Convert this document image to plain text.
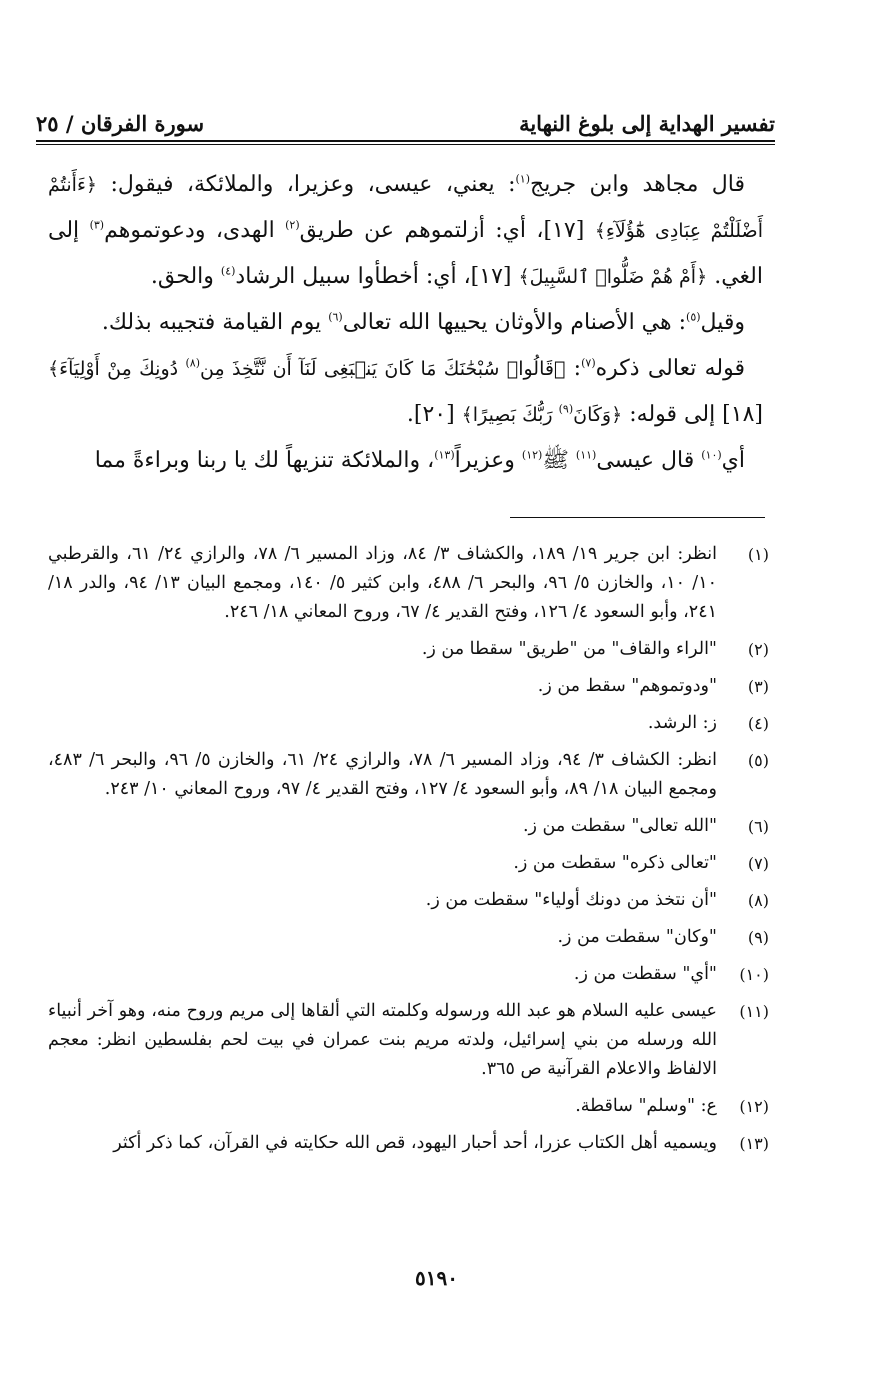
تفسير الهداية إلى بلوغ النهاية
سورة الفرقان / ٢٥

قال مجاهد وابن جريج$^{(١)}$: يعني، عيسى، وعزيرا، والملائكة، فيقول: ﴿ءَأَنتُمْ أَضْلَلْتُمْ عِبَادِى هَٰٓؤُلَآءِ﴾ [١٧]، أي: أزلتموهم عن طريق$^{(٢)}$ الهدى، ودعوتموهم$^{(٣)}$ إلى الغي. ﴿أَمْ هُمْ ضَلُّوا۟ ٱلسَّبِيلَ﴾ [١٧]، أي: أخطأوا سبيل الرشاد$^{(٤)}$ والحق.

وقيل$^{(٥)}$: هي الأصنام والأوثان يحييها الله تعالى$^{(٦)}$ يوم القيامة فتجيبه بذلك.

قوله تعالى ذكره$^{(٧)}$: ﴿قَالُوا۟ سُبْحَٰنَكَ مَا كَانَ يَنۢبَغِى لَنَآ أَن نَّتَّخِذَ مِن$^{(٨)}$ دُونِكَ مِنْ أَوْلِيَآءَ﴾ [١٨] إلى قوله: ﴿وَكَانَ$^{(٩)}$ رَبُّكَ بَصِيرًا﴾ [٢٠].

أي$^{(١٠)}$ قال عيسى$^{(١١)}$ ﷺ$^{(١٢)}$ وعزيراً$^{(١٣)}$، والملائكة تنزيهاً لك يا ربنا وبراءةً مما

(١)
انظر: ابن جرير ١٩/ ١٨٩، والكشاف ٣/ ٨٤، وزاد المسير ٦/ ٧٨، والرازي ٢٤/ ٦١، والقرطبي ١٠/ ١٠، والخازن ٥/ ٩٦، والبحر ٦/ ٤٨٨، وابن كثير ٥/ ١٤٠، ومجمع البيان ١٣/ ٩٤، والدر ١٨/ ٢٤١، وأبو السعود ٤/ ١٢٦، وفتح القدير ٤/ ٦٧، وروح المعاني ١٨/ ٢٤٦.
(٢)
"الراء والقاف" من "طريق" سقطا من ز.
(٣)
"ودوتموهم" سقط من ز.
(٤)
ز: الرشد.
(٥)
انظر: الكشاف ٣/ ٩٤، وزاد المسير ٦/ ٧٨، والرازي ٢٤/ ٦١، والخازن ٥/ ٩٦، والبحر ٦/ ٤٨٣، ومجمع البيان ١٨/ ٨٩، وأبو السعود ٤/ ١٢٧، وفتح القدير ٤/ ٩٧، وروح المعاني ١٠/ ٢٤٣.
(٦)
"الله تعالى" سقطت من ز.
(٧)
"تعالى ذكره" سقطت من ز.
(٨)
"أن نتخذ من دونك أولياء" سقطت من ز.
(٩)
"وكان" سقطت من ز.
(١٠)
"أي" سقطت من ز.
(١١)
عيسى عليه السلام هو عبد الله ورسوله وكلمته التي ألقاها إلى مريم وروح منه، وهو آخر أنبياء الله ورسله من بني إسرائيل، ولدته مريم بنت عمران في بيت لحم بفلسطين انظر: معجم الالفاظ والاعلام القرآنية ص ٣٦٥.
(١٢)
ع: "وسلم" ساقطة.
(١٣)
ويسميه أهل الكتاب عزرا، أحد أحبار اليهود، قص الله حكايته في القرآن، كما ذكر أكثر
٥١٩٠
